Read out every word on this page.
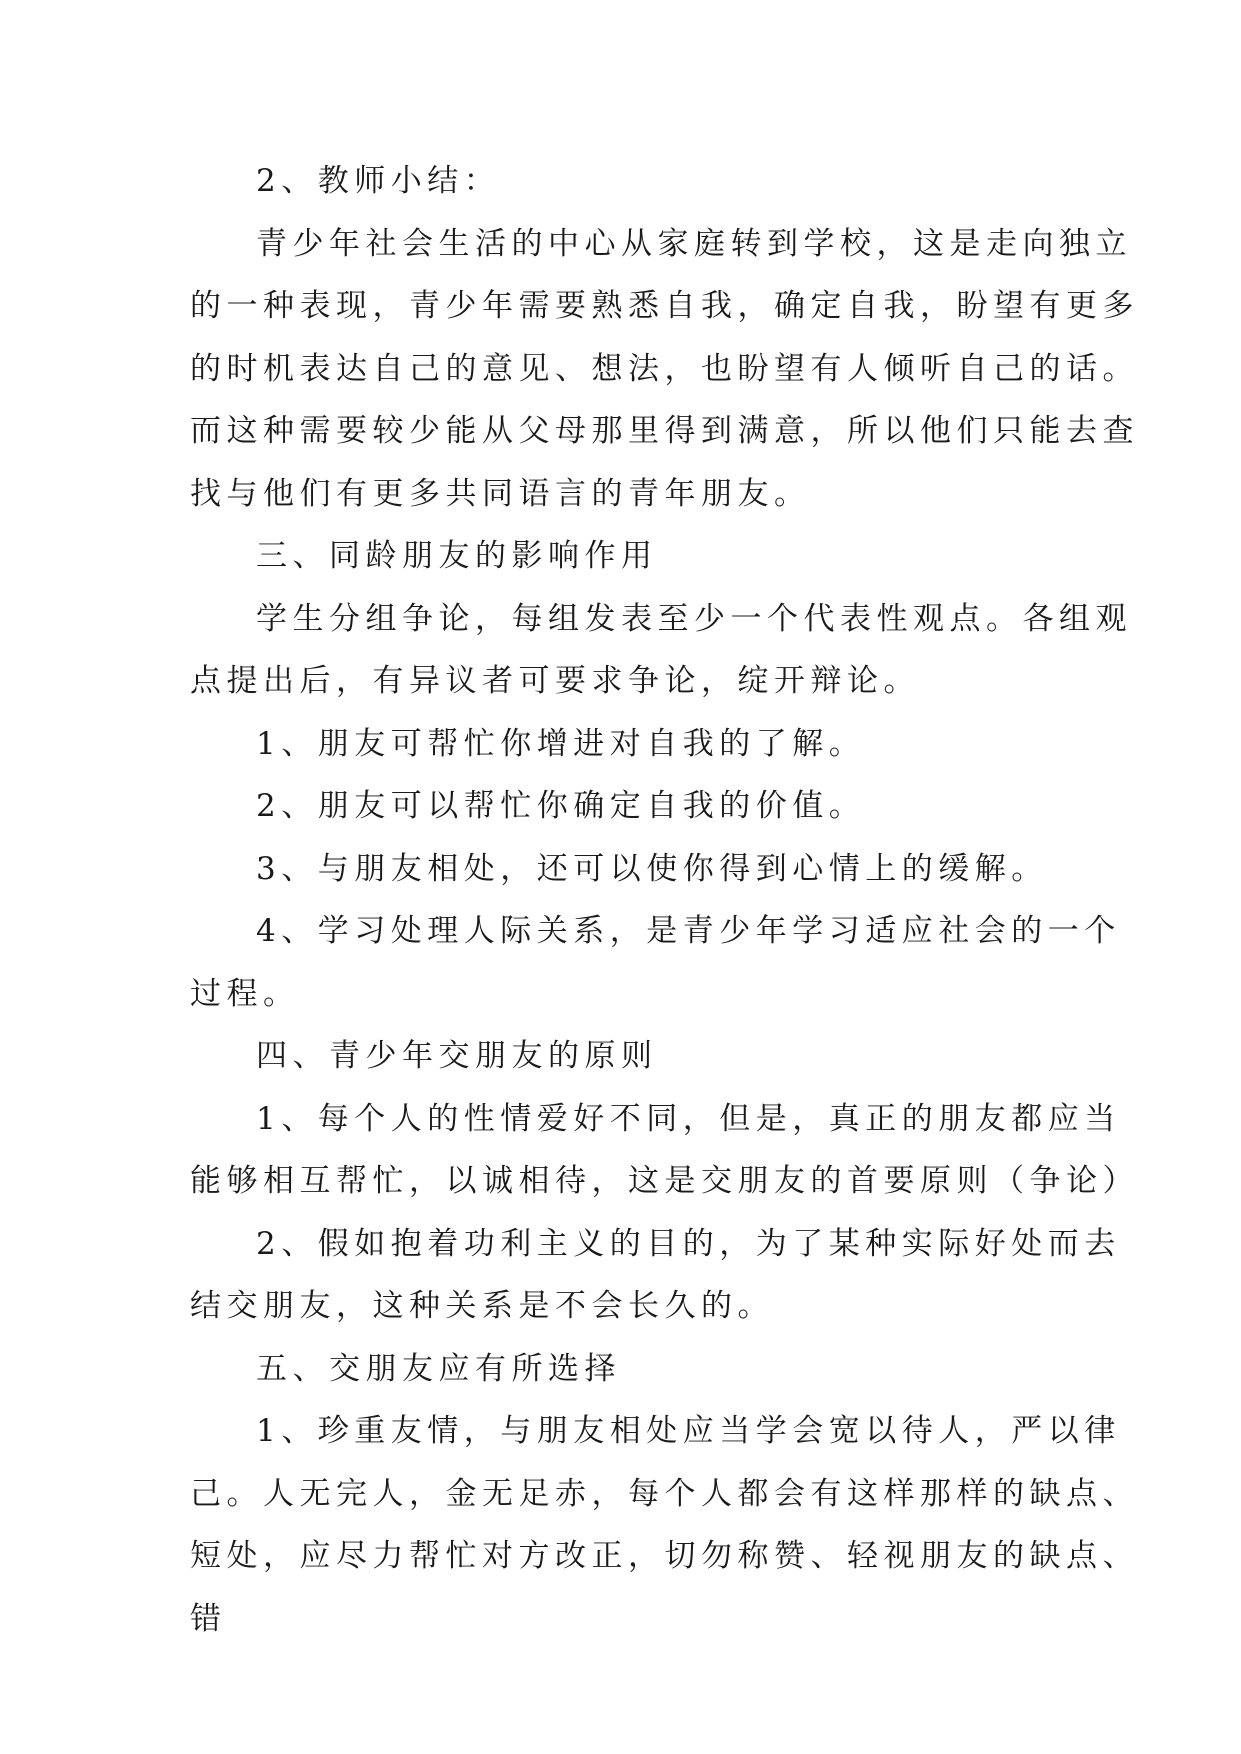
2、教师小结：
青少年社会生活的中心从家庭转到学校，这是走向独立
的一种表现，青少年需要熟悉自我，确定自我，盼望有更多
的时机表达自己的意见、想法，也盼望有人倾听自己的话。
而这种需要较少能从父母那里得到满意，所以他们只能去查
找与他们有更多共同语言的青年朋友。
三、同龄朋友的影响作用
学生分组争论，每组发表至少一个代表性观点。各组观
点提出后，有异议者可要求争论，绽开辩论。
1、朋友可帮忙你增进对自我的了解。
2、朋友可以帮忙你确定自我的价值。
3、与朋友相处，还可以使你得到心情上的缓解。
4、学习处理人际关系，是青少年学习适应社会的一个
过程。
四、青少年交朋友的原则
1、每个人的性情爱好不同，但是，真正的朋友都应当
能够相互帮忙，以诚相待，这是交朋友的首要原则（争论）
2、假如抱着功利主义的目的，为了某种实际好处而去
结交朋友，这种关系是不会长久的。
五、交朋友应有所选择
1、珍重友情，与朋友相处应当学会宽以待人，严以律
己。人无完人，金无足赤，每个人都会有这样那样的缺点、
短处，应尽力帮忙对方改正，切勿称赞、轻视朋友的缺点、
错
